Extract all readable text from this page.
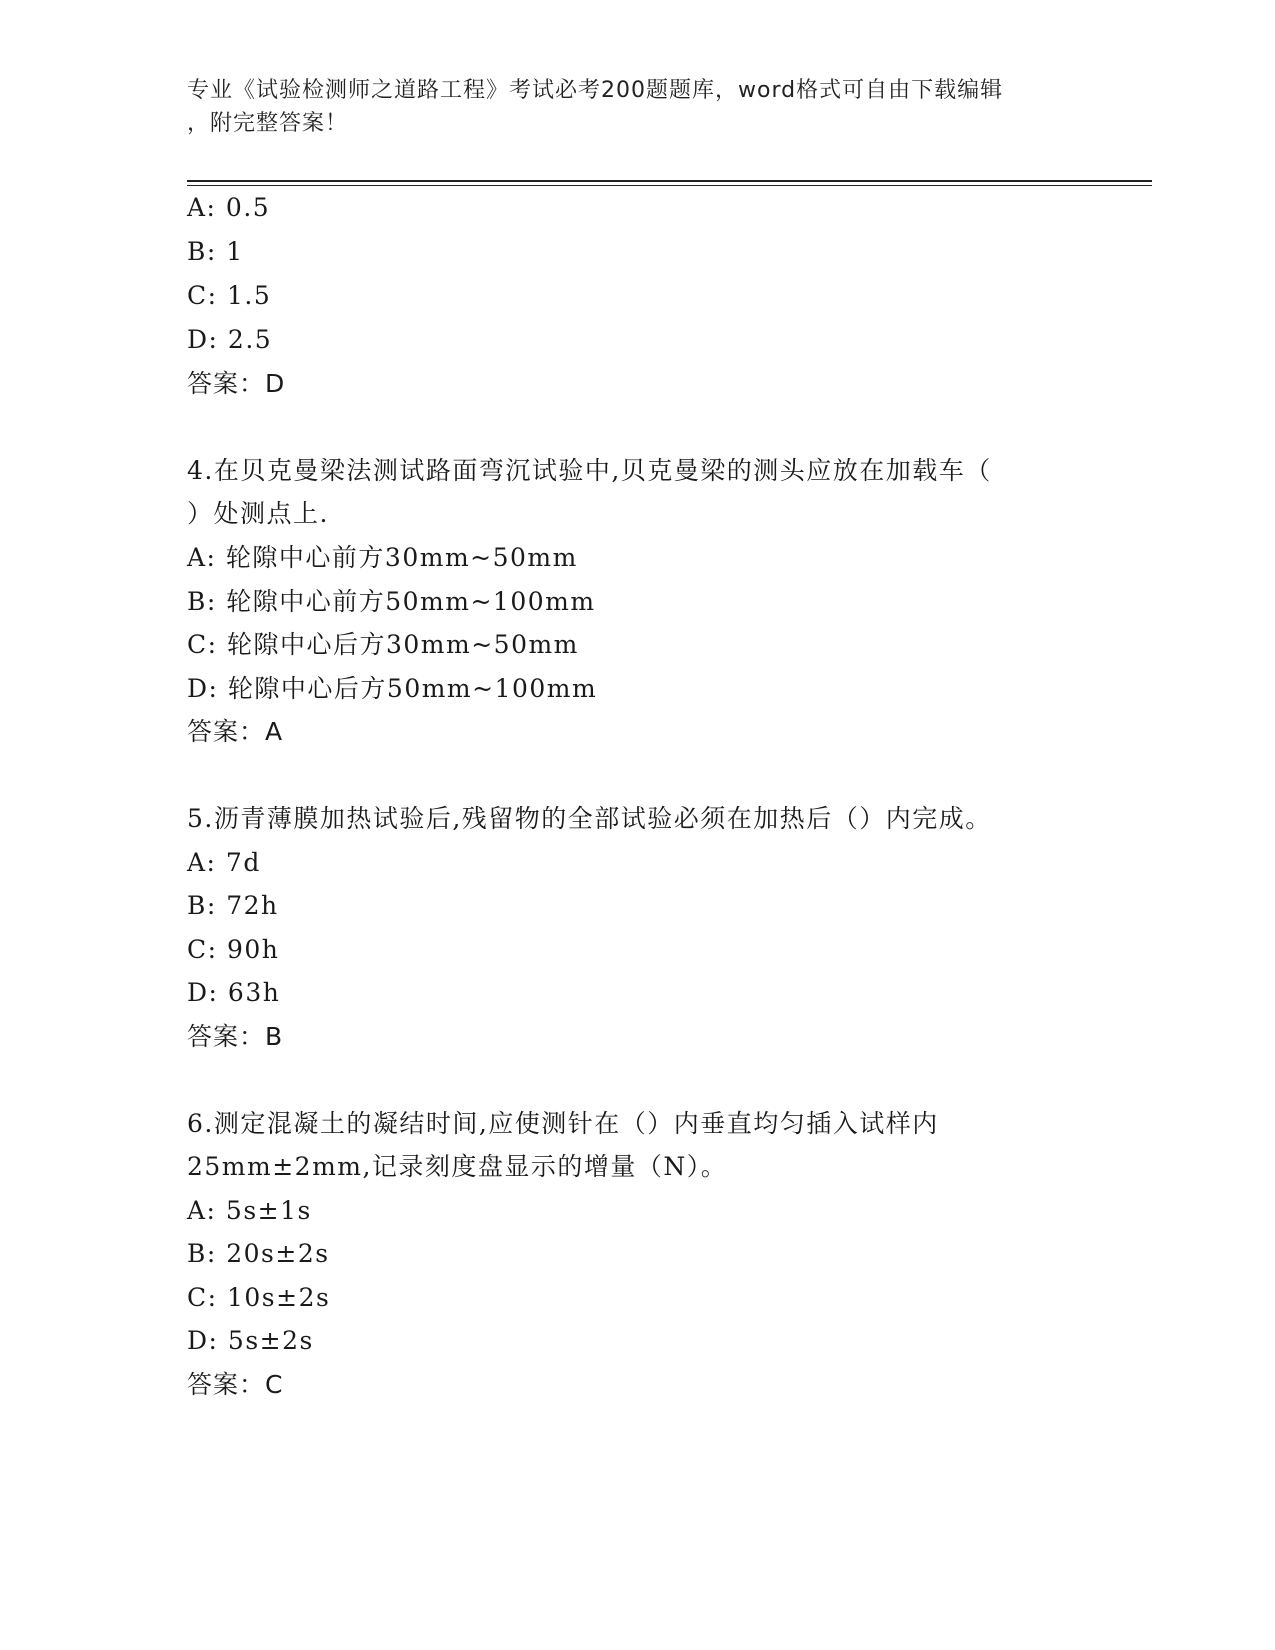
专业《试验检测师之道路工程》考试必考200题题库，word格式可自由下载编辑
，附完整答案！
A: 0.5
B: 1
C: 1.5
D: 2.5
答案：D
4.在贝克曼梁法测试路面弯沉试验中,贝克曼梁的测头应放在加载车（
）处测点上.
A: 轮隙中心前方30mm~50mm
B: 轮隙中心前方50mm~100mm
C: 轮隙中心后方30mm~50mm
D: 轮隙中心后方50mm~100mm
答案：A
5.沥青薄膜加热试验后,残留物的全部试验必须在加热后（）内完成。
A: 7d
B: 72h
C: 90h
D: 63h
答案：B
6.测定混凝土的凝结时间,应使测针在（）内垂直均匀插入试样内
25mm±2mm,记录刻度盘显示的增量（N）。
A: 5s±1s
B: 20s±2s
C: 10s±2s
D: 5s±2s
答案：C
